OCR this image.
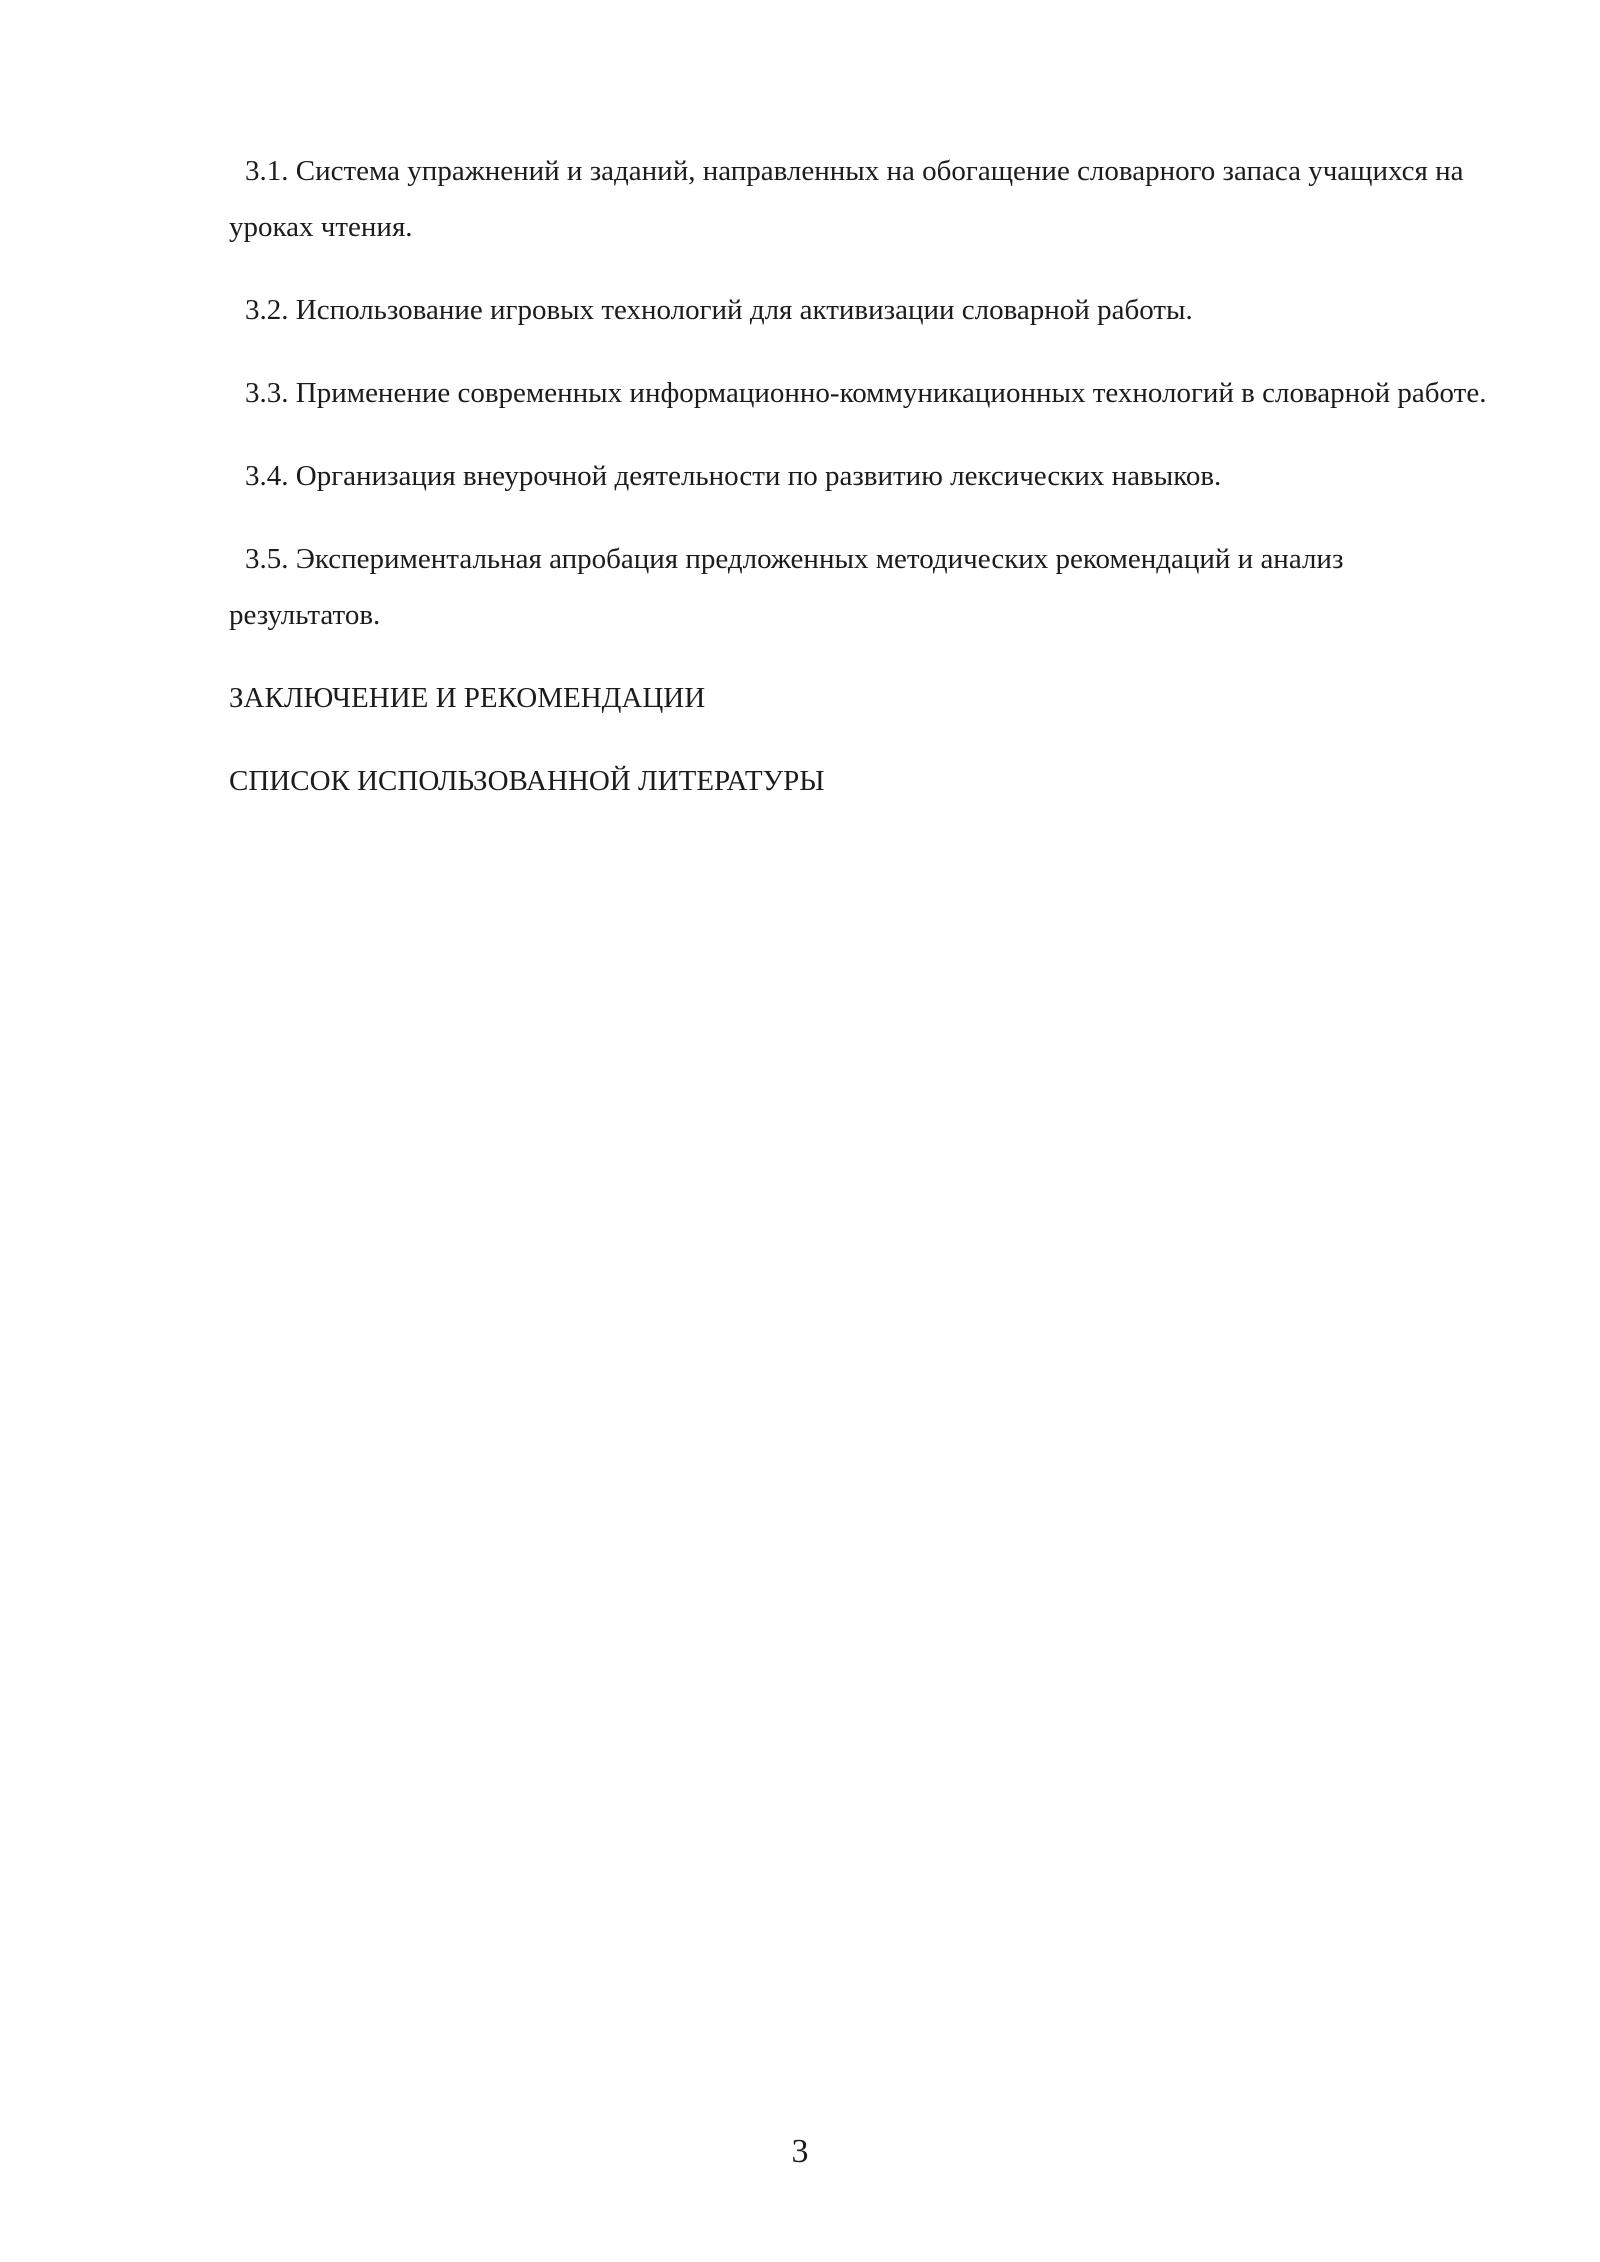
3.1. Система упражнений и заданий, направленных на обогащение словарного запаса учащихся на уроках чтения.

3.2. Использование игровых технологий для активизации словарной работы.

3.3. Применение современных информационно-коммуникационных технологий в словарной работе.

3.4. Организация внеурочной деятельности по развитию лексических навыков.

3.5. Экспериментальная апробация предложенных методических рекомендаций и анализ результатов.

ЗАКЛЮЧЕНИЕ И РЕКОМЕНДАЦИИ

СПИСОК ИСПОЛЬЗОВАННОЙ ЛИТЕРАТУРЫ

3
